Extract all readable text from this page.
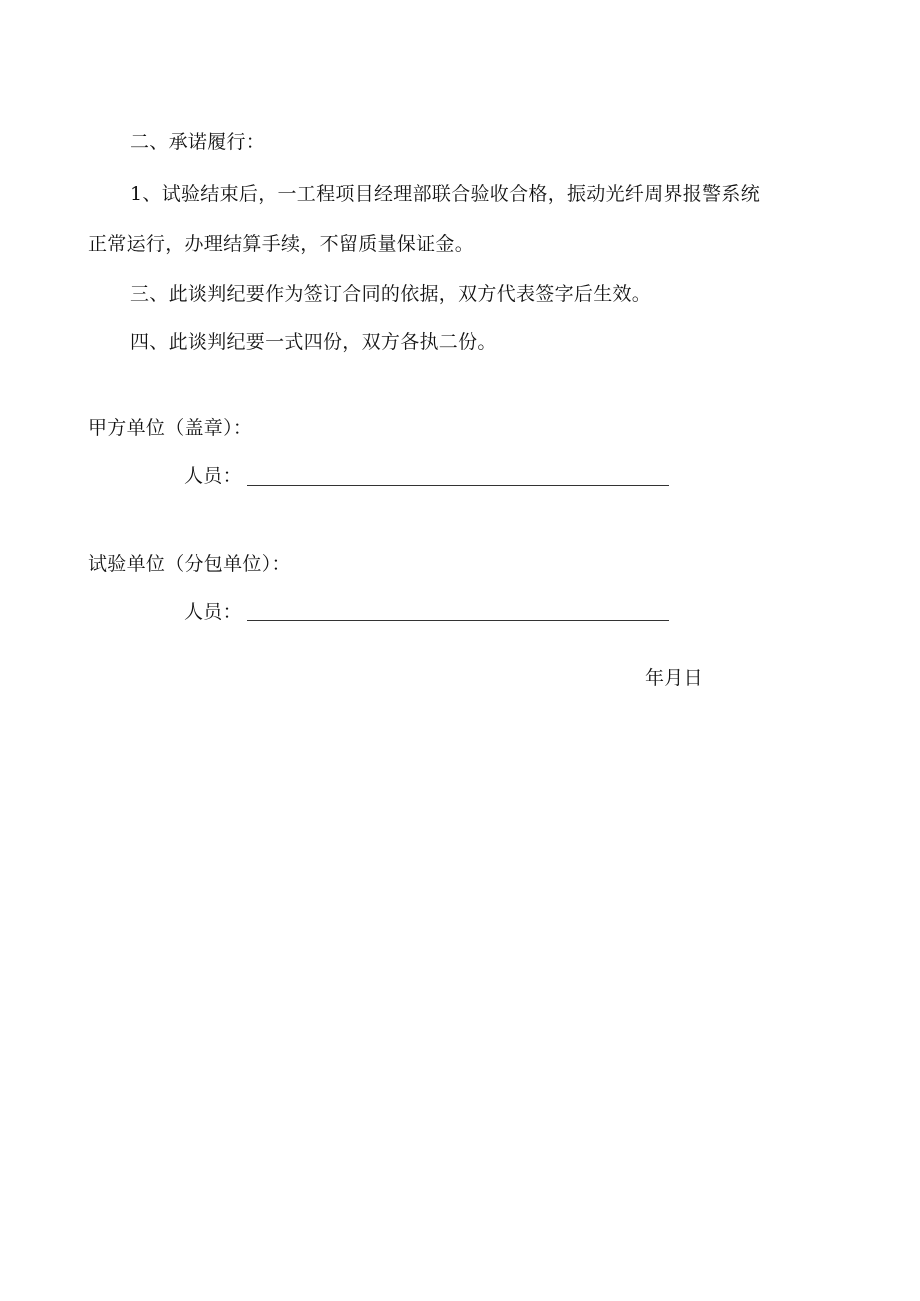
二、承诺履行：
1、试验结束后，一工程项目经理部联合验收合格，振动光纤周界报警系统
正常运行，办理结算手续，不留质量保证金。
三、此谈判纪要作为签订合同的依据，双方代表签字后生效。
四、此谈判纪要一式四份，双方各执二份。
甲方单位（盖章）：
人员：
试验单位（分包单位）：
人员：
年月日
